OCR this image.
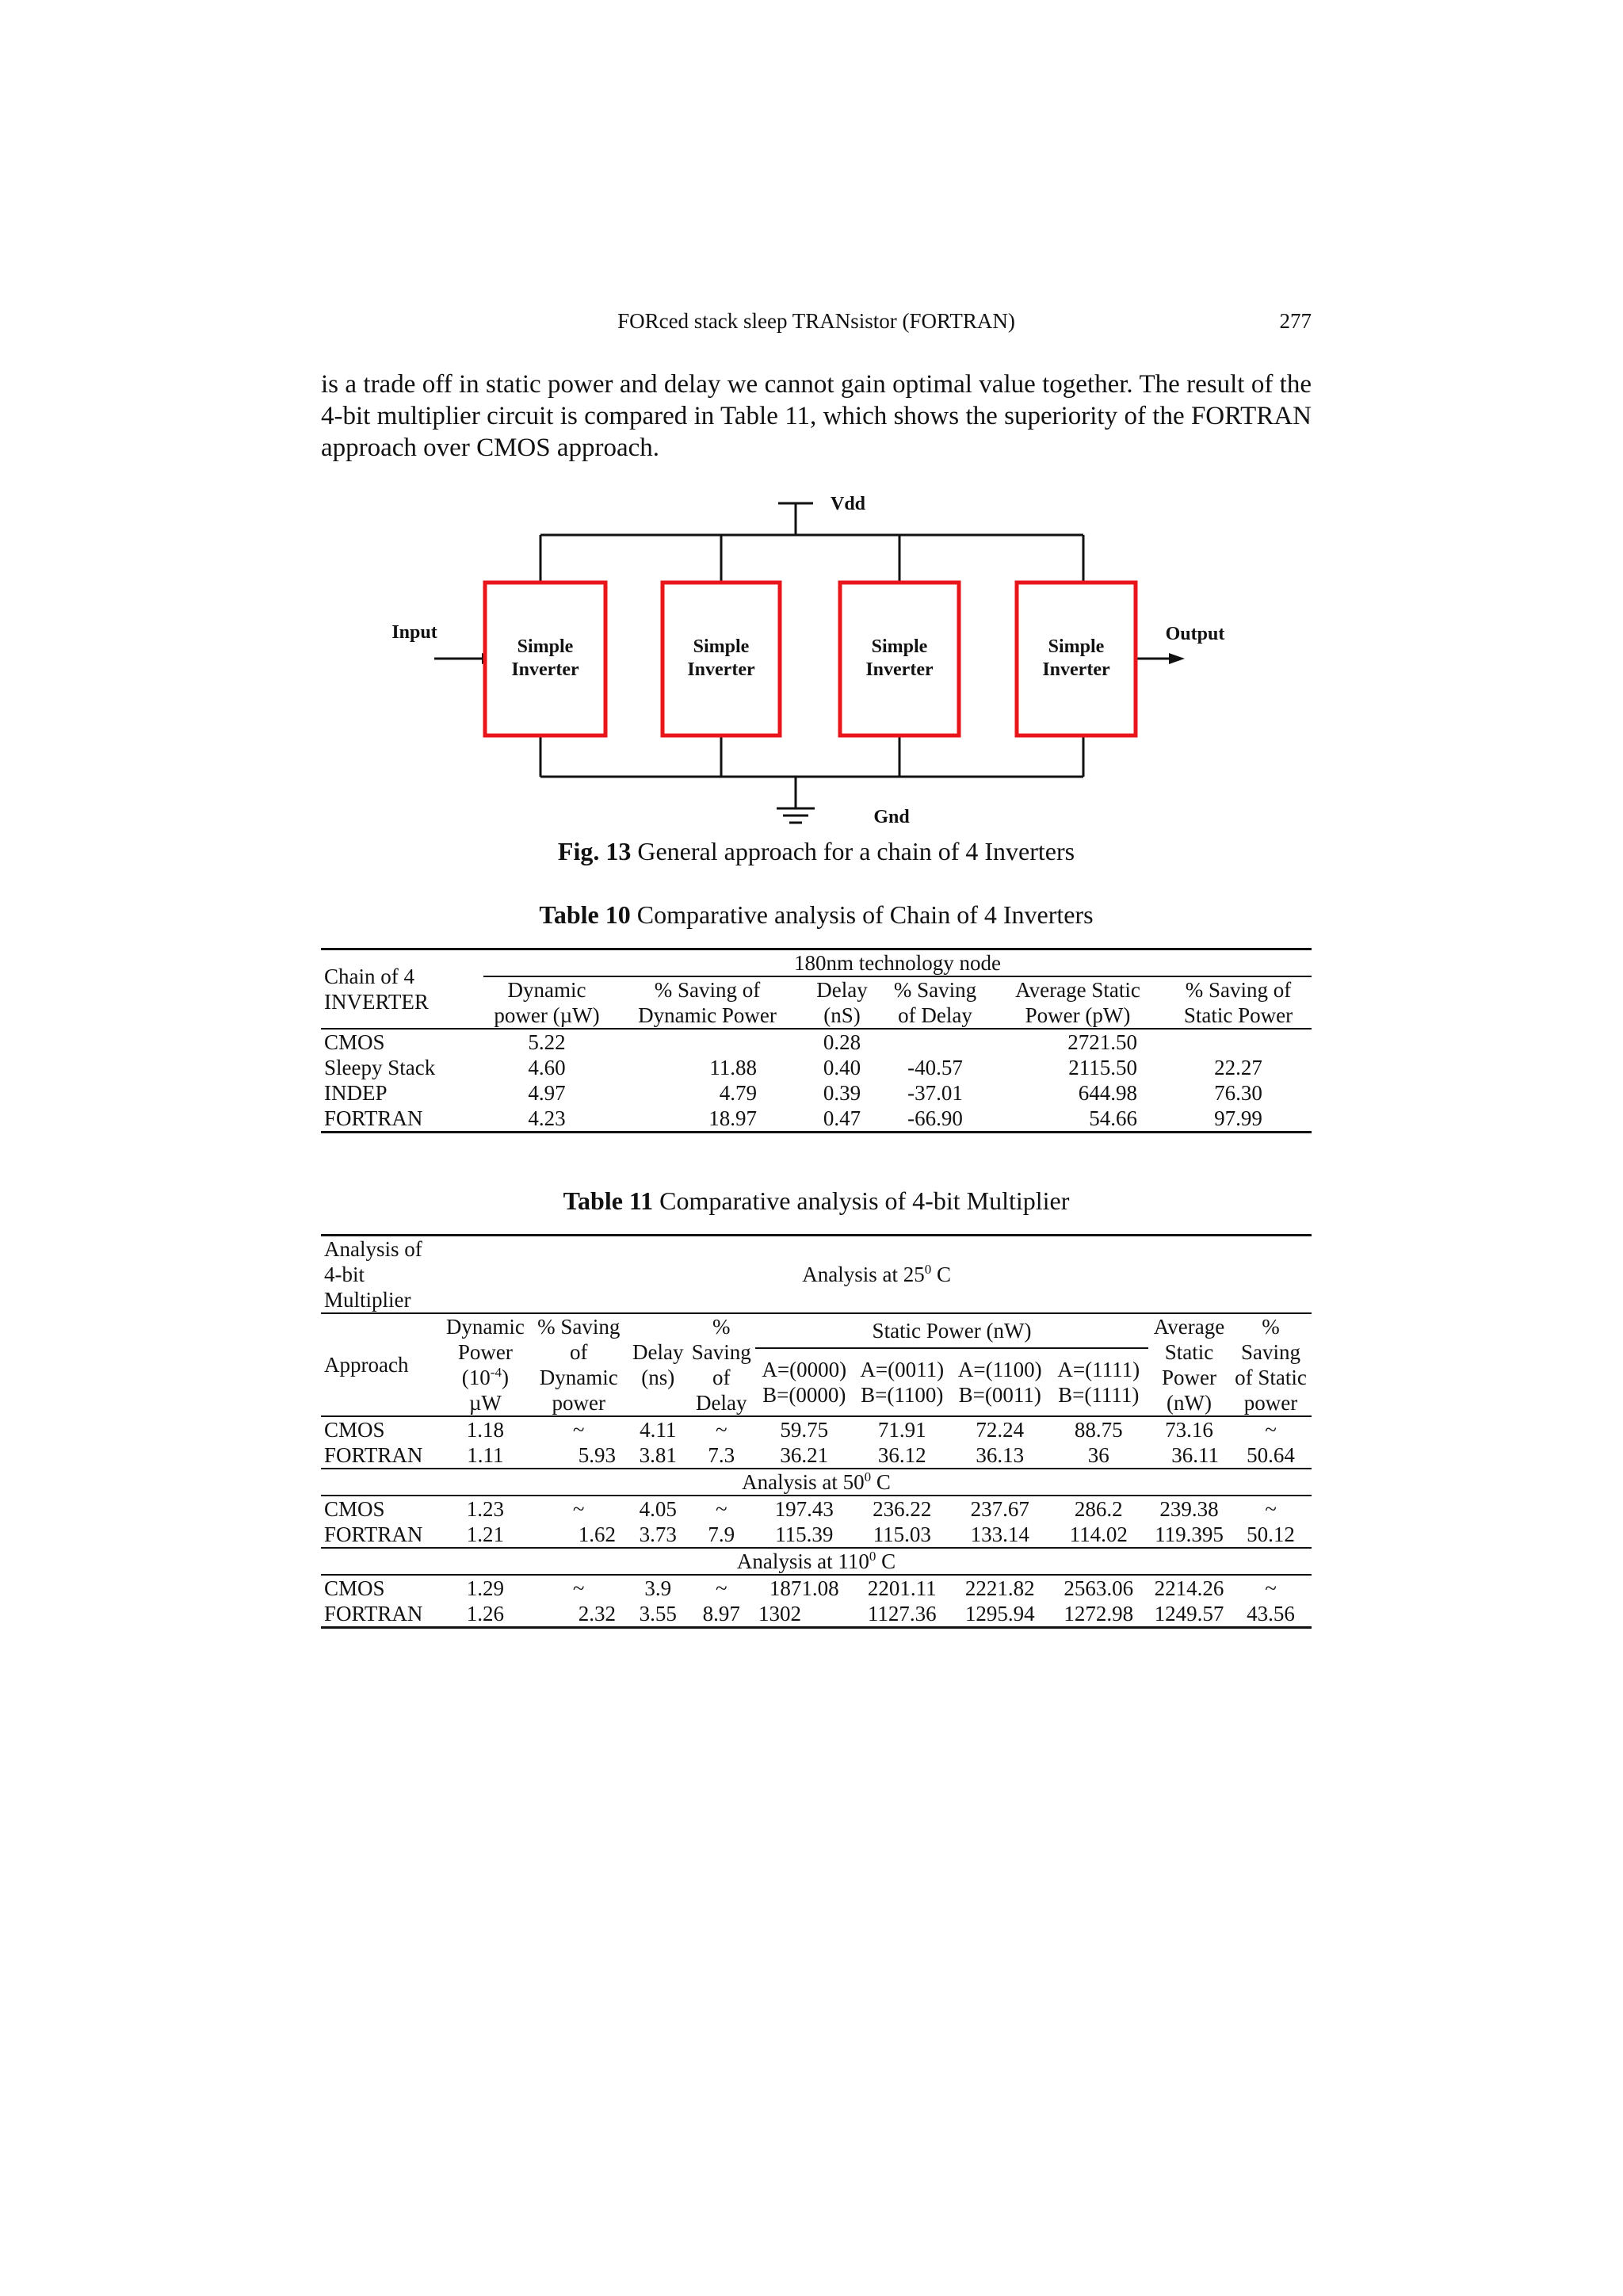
FORced stack sleep TRANsistor (FORTRAN)	277

is a trade off in static power and delay we cannot gain optimal value together. The result of the 4-bit multiplier circuit is compared in Table 11, which shows the superiority of the FORTRAN approach over CMOS approach.

Simple
Inverter
Simple
Inverter
Simple
Inverter
Simple
Inverter
Vdd
Input	Output
Gnd
Fig. 13 General approach for a chain of 4 Inverters
Table 10 Comparative analysis of Chain of 4 Inverters
Chain of 4 INVERTER	180nm technology node					
	Dynamic power (µW)	% Saving of Dynamic Power	Delay (nS)	% Saving of Delay	Average Static Power (pW)	% Saving of Static Power
CMOS	5.22		0.28		2721.50	
Sleepy Stack	4.60	11.88	0.40	-40.57	2115.50	22.27
INDEP	4.97	4.79	0.39	-37.01	644.98	76.30
FORTRAN	4.23	18.97	0.47	-66.90	54.66	97.99
Table 11 Comparative analysis of 4-bit Multiplier
Analysis of 4-bit Multiplier	Analysis at $25^0$ C									
Approach	Dynamic Power $(10^{-4})$ µW	% Saving of Dynamic power	Delay (ns)	% Saving of Delay	Static Power (nW)				Average Static Power (nW)	% Saving of Static power
					A=(0000) B=(0000)	A=(0011) B=(1100)	A=(1100) B=(0011)	A=(1111) B=(1111)		
CMOS	1.18	~	4.11	~	59.75	71.91	72.24	88.75	73.16	~
FORTRAN	1.11	5.93	3.81	7.3	36.21	36.12	36.13	36	36.11	50.64
Analysis at $50^0$ C										
CMOS	1.23	~	4.05	~	197.43	236.22	237.67	286.2	239.38	~
FORTRAN	1.21	1.62	3.73	7.9	115.39	115.03	133.14	114.02	119.395	50.12
Analysis at $110^0$ C										
CMOS	1.29	~	3.9	~	1871.08	2201.11	2221.82	2563.06	2214.26	~
FORTRAN	1.26	2.32	3.55	8.97	1302	1127.36	1295.94	1272.98	1249.57	43.56
